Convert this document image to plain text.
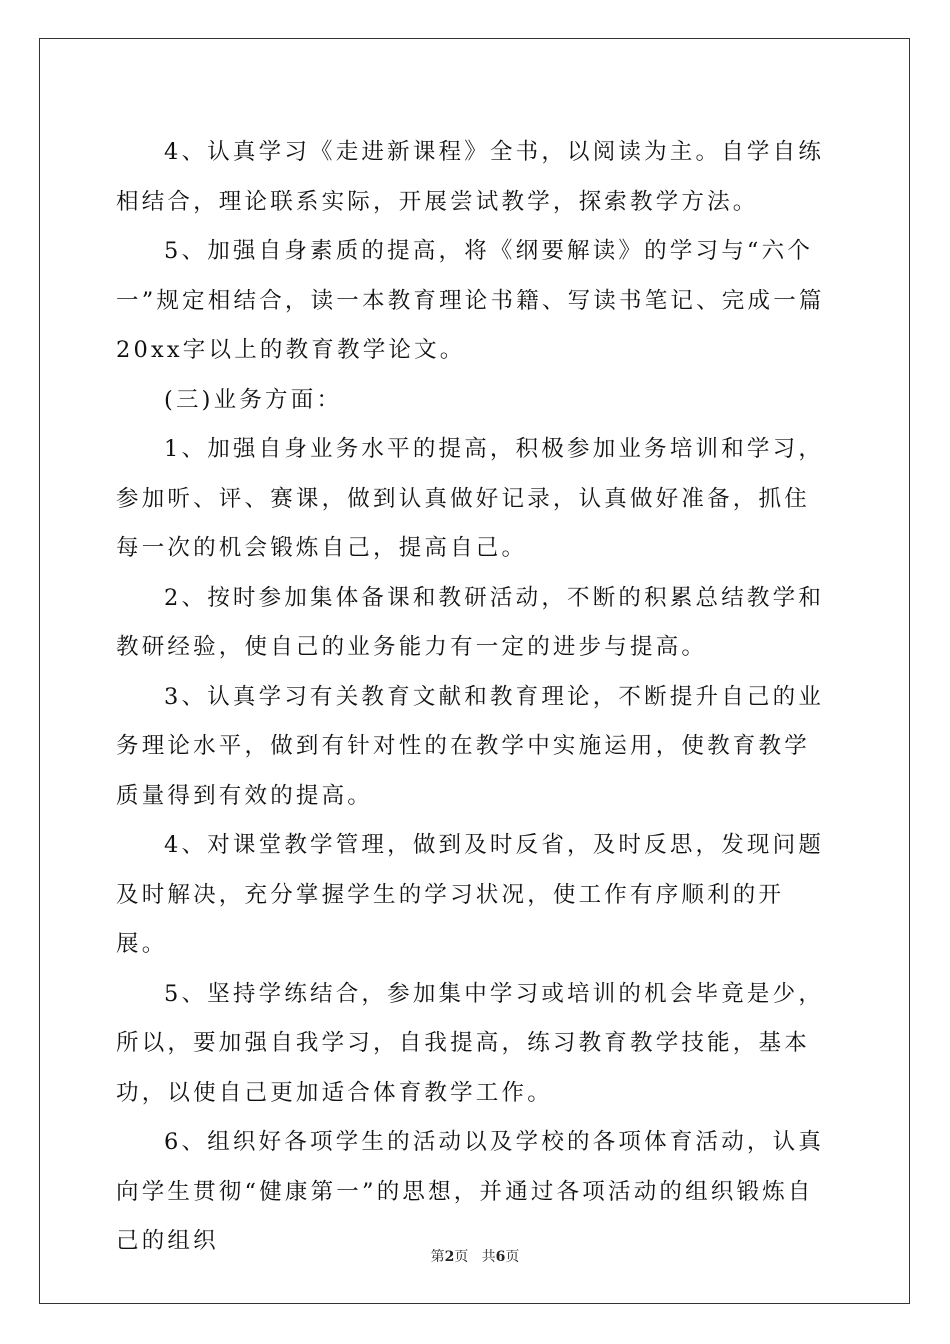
4、认真学习《走进新课程》全书，以阅读为主。自学自练相结合，理论联系实际，开展尝试教学，探索教学方法。

5、加强自身素质的提高，将《纲要解读》的学习与“六个一”规定相结合，读一本教育理论书籍、写读书笔记、完成一篇20xx字以上的教育教学论文。

(三)业务方面：

1、加强自身业务水平的提高，积极参加业务培训和学习，参加听、评、赛课，做到认真做好记录，认真做好准备，抓住每一次的机会锻炼自己，提高自己。

2、按时参加集体备课和教研活动，不断的积累总结教学和教研经验，使自己的业务能力有一定的进步与提高。

3、认真学习有关教育文献和教育理论，不断提升自己的业务理论水平，做到有针对性的在教学中实施运用，使教育教学质量得到有效的提高。

4、对课堂教学管理，做到及时反省，及时反思，发现问题及时解决，充分掌握学生的学习状况，使工作有序顺利的开展。

5、坚持学练结合，参加集中学习或培训的机会毕竟是少，所以，要加强自我学习，自我提高，练习教育教学技能，基本功，以使自己更加适合体育教学工作。

6、组织好各项学生的活动以及学校的各项体育活动，认真向学生贯彻“健康第一”的思想，并通过各项活动的组织锻炼自己的组织

第2页 共6页
